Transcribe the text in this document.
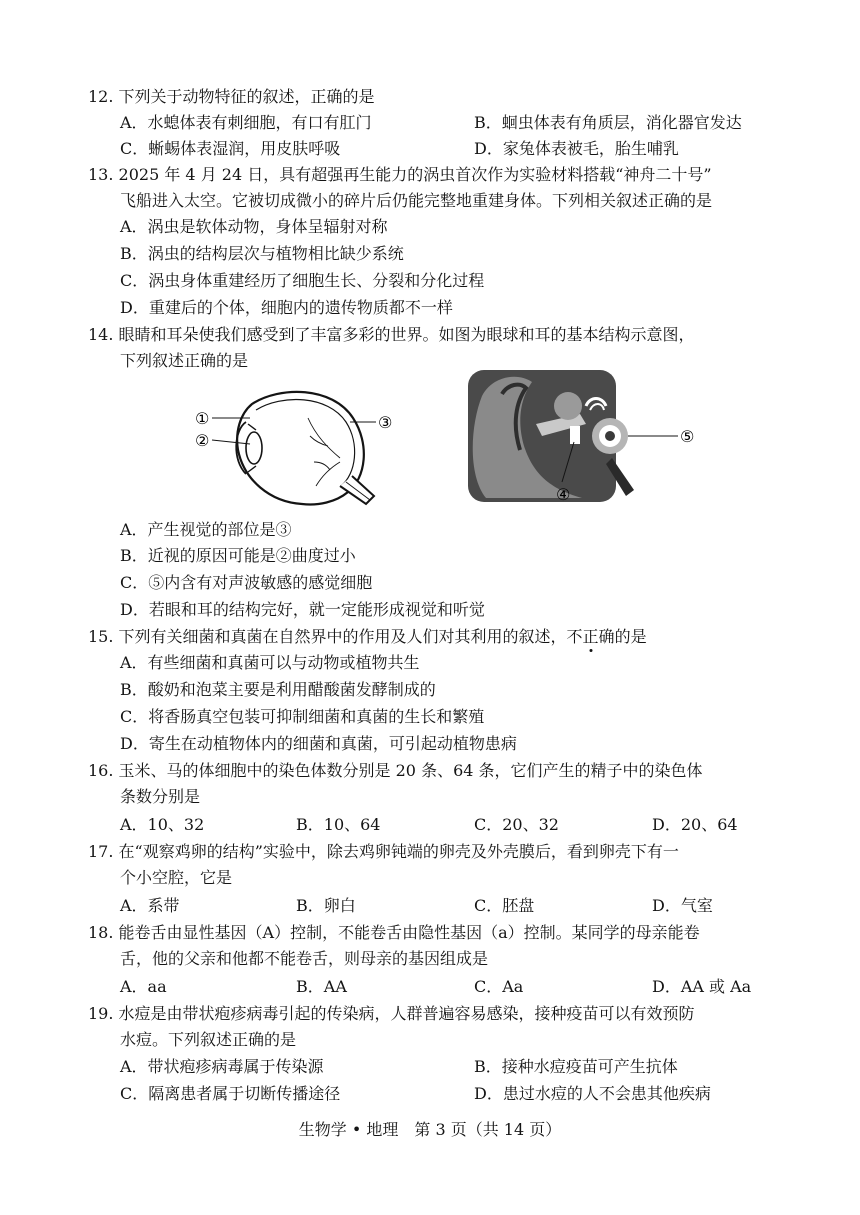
12. 下列关于动物特征的叙述，正确的是
A．水螅体表有刺细胞，有口有肛门	B．蛔虫体表有角质层，消化器官发达
C．蜥蜴体表湿润，用皮肤呼吸	D．家兔体表被毛，胎生哺乳
13. 2025 年 4 月 24 日，具有超强再生能力的涡虫首次作为实验材料搭载“神舟二十号”
飞船进入太空。它被切成微小的碎片后仍能完整地重建身体。下列相关叙述正确的是
A．涡虫是软体动物，身体呈辐射对称
B．涡虫的结构层次与植物相比缺少系统
C．涡虫身体重建经历了细胞生长、分裂和分化过程
D．重建后的个体，细胞内的遗传物质都不一样
14. 眼睛和耳朵使我们感受到了丰富多彩的世界。如图为眼球和耳的基本结构示意图，
下列叙述正确的是
①
②
③
⑤
④
A．产生视觉的部位是③
B．近视的原因可能是②曲度过小
C．⑤内含有对声波敏感的感觉细胞
D．若眼和耳的结构完好，就一定能形成视觉和听觉
15. 下列有关细菌和真菌在自然界中的作用及人们对其利用的叙述，不正确的是
A．有些细菌和真菌可以与动物或植物共生
B．酸奶和泡菜主要是利用醋酸菌发酵制成的
C．将香肠真空包装可抑制细菌和真菌的生长和繁殖
D．寄生在动植物体内的细菌和真菌，可引起动植物患病
16. 玉米、马的体细胞中的染色体数分别是 20 条、64 条，它们产生的精子中的染色体
条数分别是
A．10、32	B．10、64	C．20、32	D．20、64
17. 在“观察鸡卵的结构”实验中，除去鸡卵钝端的卵壳及外壳膜后，看到卵壳下有一
个小空腔，它是
A．系带	B．卵白	C．胚盘	D．气室
18. 能卷舌由显性基因（A）控制，不能卷舌由隐性基因（a）控制。某同学的母亲能卷
舌，他的父亲和他都不能卷舌，则母亲的基因组成是
A．aa	B．AA	C．Aa	D．AA 或 Aa
19. 水痘是由带状疱疹病毒引起的传染病，人群普遍容易感染，接种疫苗可以有效预防
水痘。下列叙述正确的是
A．带状疱疹病毒属于传染源	B．接种水痘疫苗可产生抗体
C．隔离患者属于切断传播途径	D．患过水痘的人不会患其他疾病
生物学 • 地理　第 3 页（共 14 页）
